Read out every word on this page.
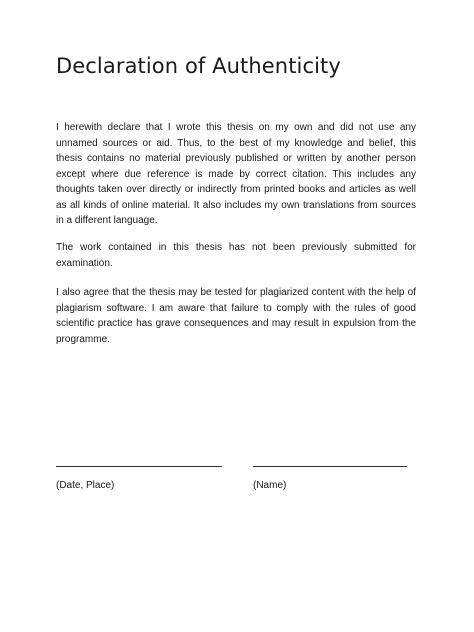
Declaration of Authenticity

I herewith declare that I wrote this thesis on my own and did not use any unnamed sources or aid. Thus, to the best of my knowledge and belief, this thesis contains no material previously published or written by another person except where due reference is made by correct citation. This includes any thoughts taken over directly or indirectly from printed books and articles as well as all kinds of online material. It also includes my own translations from sources in a different language.

The work contained in this thesis has not been previously submitted for examination.

I also agree that the thesis may be tested for plagiarized content with the help of plagiarism software. I am aware that failure to comply with the rules of good scientific practice has grave consequences and may result in expulsion from the programme.

(Date, Place)	(Name)
